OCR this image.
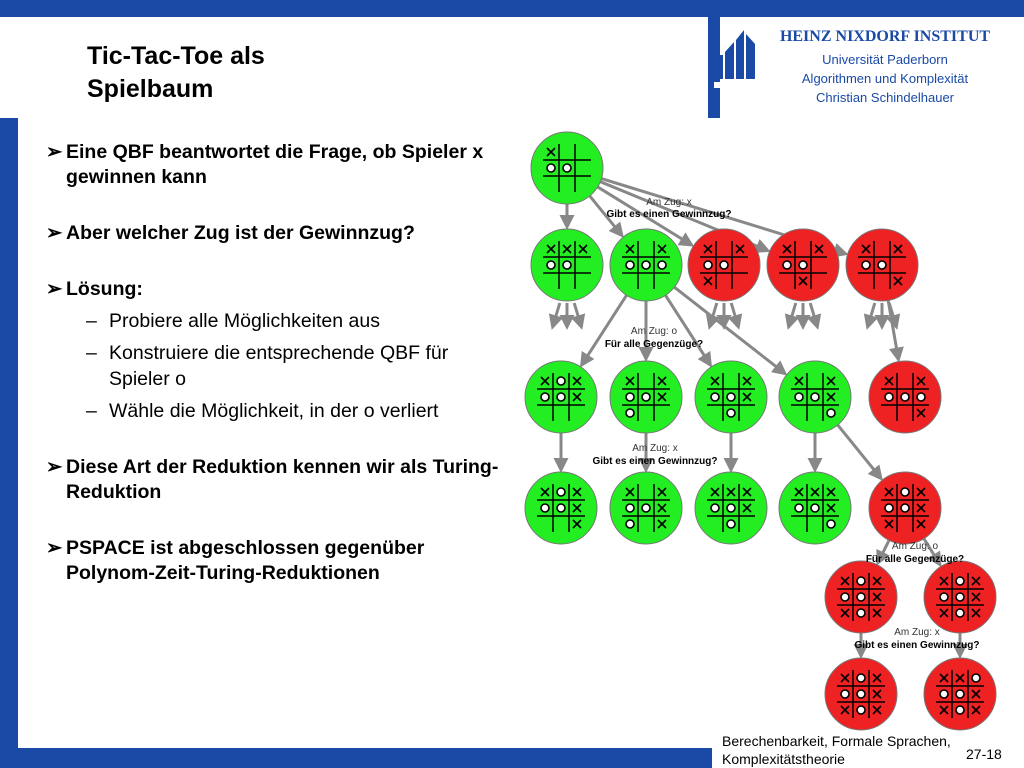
Tic-Tac-Toe als
Spielbaum
HEINZ NIXDORF INSTITUT
Universität Paderborn
Algorithmen und Komplexität
Christian Schindelhauer
➢ Eine QBF beantwortet die Frage, ob Spieler x gewinnen kann
➢ Aber welcher Zug ist der Gewinnzug?
➢ Lösung:
– Probiere alle Möglichkeiten aus
– Konstruiere die entsprechende QBF für Spieler o
– Wähle die Möglichkeit, in der o verliert
➢ Diese Art der Reduktion kennen wir als Turing-Reduktion
➢ PSPACE ist abgeschlossen gegenüber Polynom-Zeit-Turing-Reduktionen
Am Zug: x
Gibt es einen Gewinnzug?
Am Zug: o
Für alle Gegenzüge?
Am Zug: x
Gibt es einen Gewinnzug?
Am Zug: o
Für alle Gegenzüge?
Am Zug: x
Gibt es einen Gewinnzug?
Berechenbarkeit, Formale Sprachen,
Komplexitätstheorie	27-18
